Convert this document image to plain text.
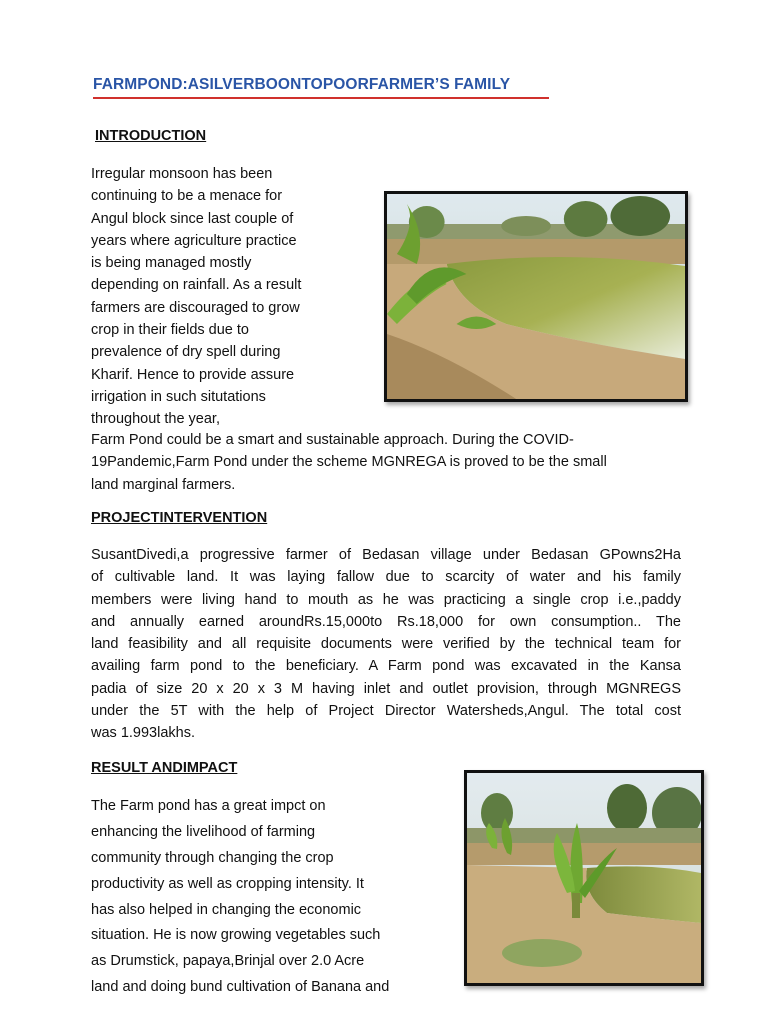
FARMPOND:ASILVERBOONTOPOORFARMER’S FAMILY
INTRODUCTION
Irregular monsoon has been
continuing to be a menace for
Angul block since last couple of
years where agriculture practice
is being managed mostly
depending on rainfall. As a result
farmers are discouraged to grow
crop in their fields due to
prevalence of dry spell during
Kharif. Hence to provide assure
irrigation in such situtations
throughout the year,
Farm Pond could be a smart and sustainable approach. During the COVID-
19Pandemic,Farm Pond under the scheme MGNREGA is proved to be the small
land marginal farmers.
PROJECTINTERVENTION
SusantDivedi,a progressive farmer of Bedasan village under Bedasan GPowns2Ha
of cultivable land. It was laying fallow due to scarcity of water and his family
members were living hand to mouth as he was practicing a single crop i.e.,paddy
and annually earned aroundRs.15,000to Rs.18,000 for own consumption.. The
land feasibility and all requisite documents were verified by the technical team for
availing farm pond to the beneficiary. A Farm pond was excavated in the Kansa
padia of size 20 x 20 x 3 M having inlet and outlet provision, through MGNREGS
under the 5T with the help of Project Director Watersheds,Angul. The total cost
was 1.993lakhs.
RESULT ANDIMPACT
The Farm pond has a great impct on
enhancing the livelihood of farming
community through changing the crop
productivity as well as cropping intensity. It
has also helped in changing the economic
situation. He is now growing vegetables such
as Drumstick, papaya,Brinjal over 2.0 Acre
land and doing bund cultivation of Banana and
